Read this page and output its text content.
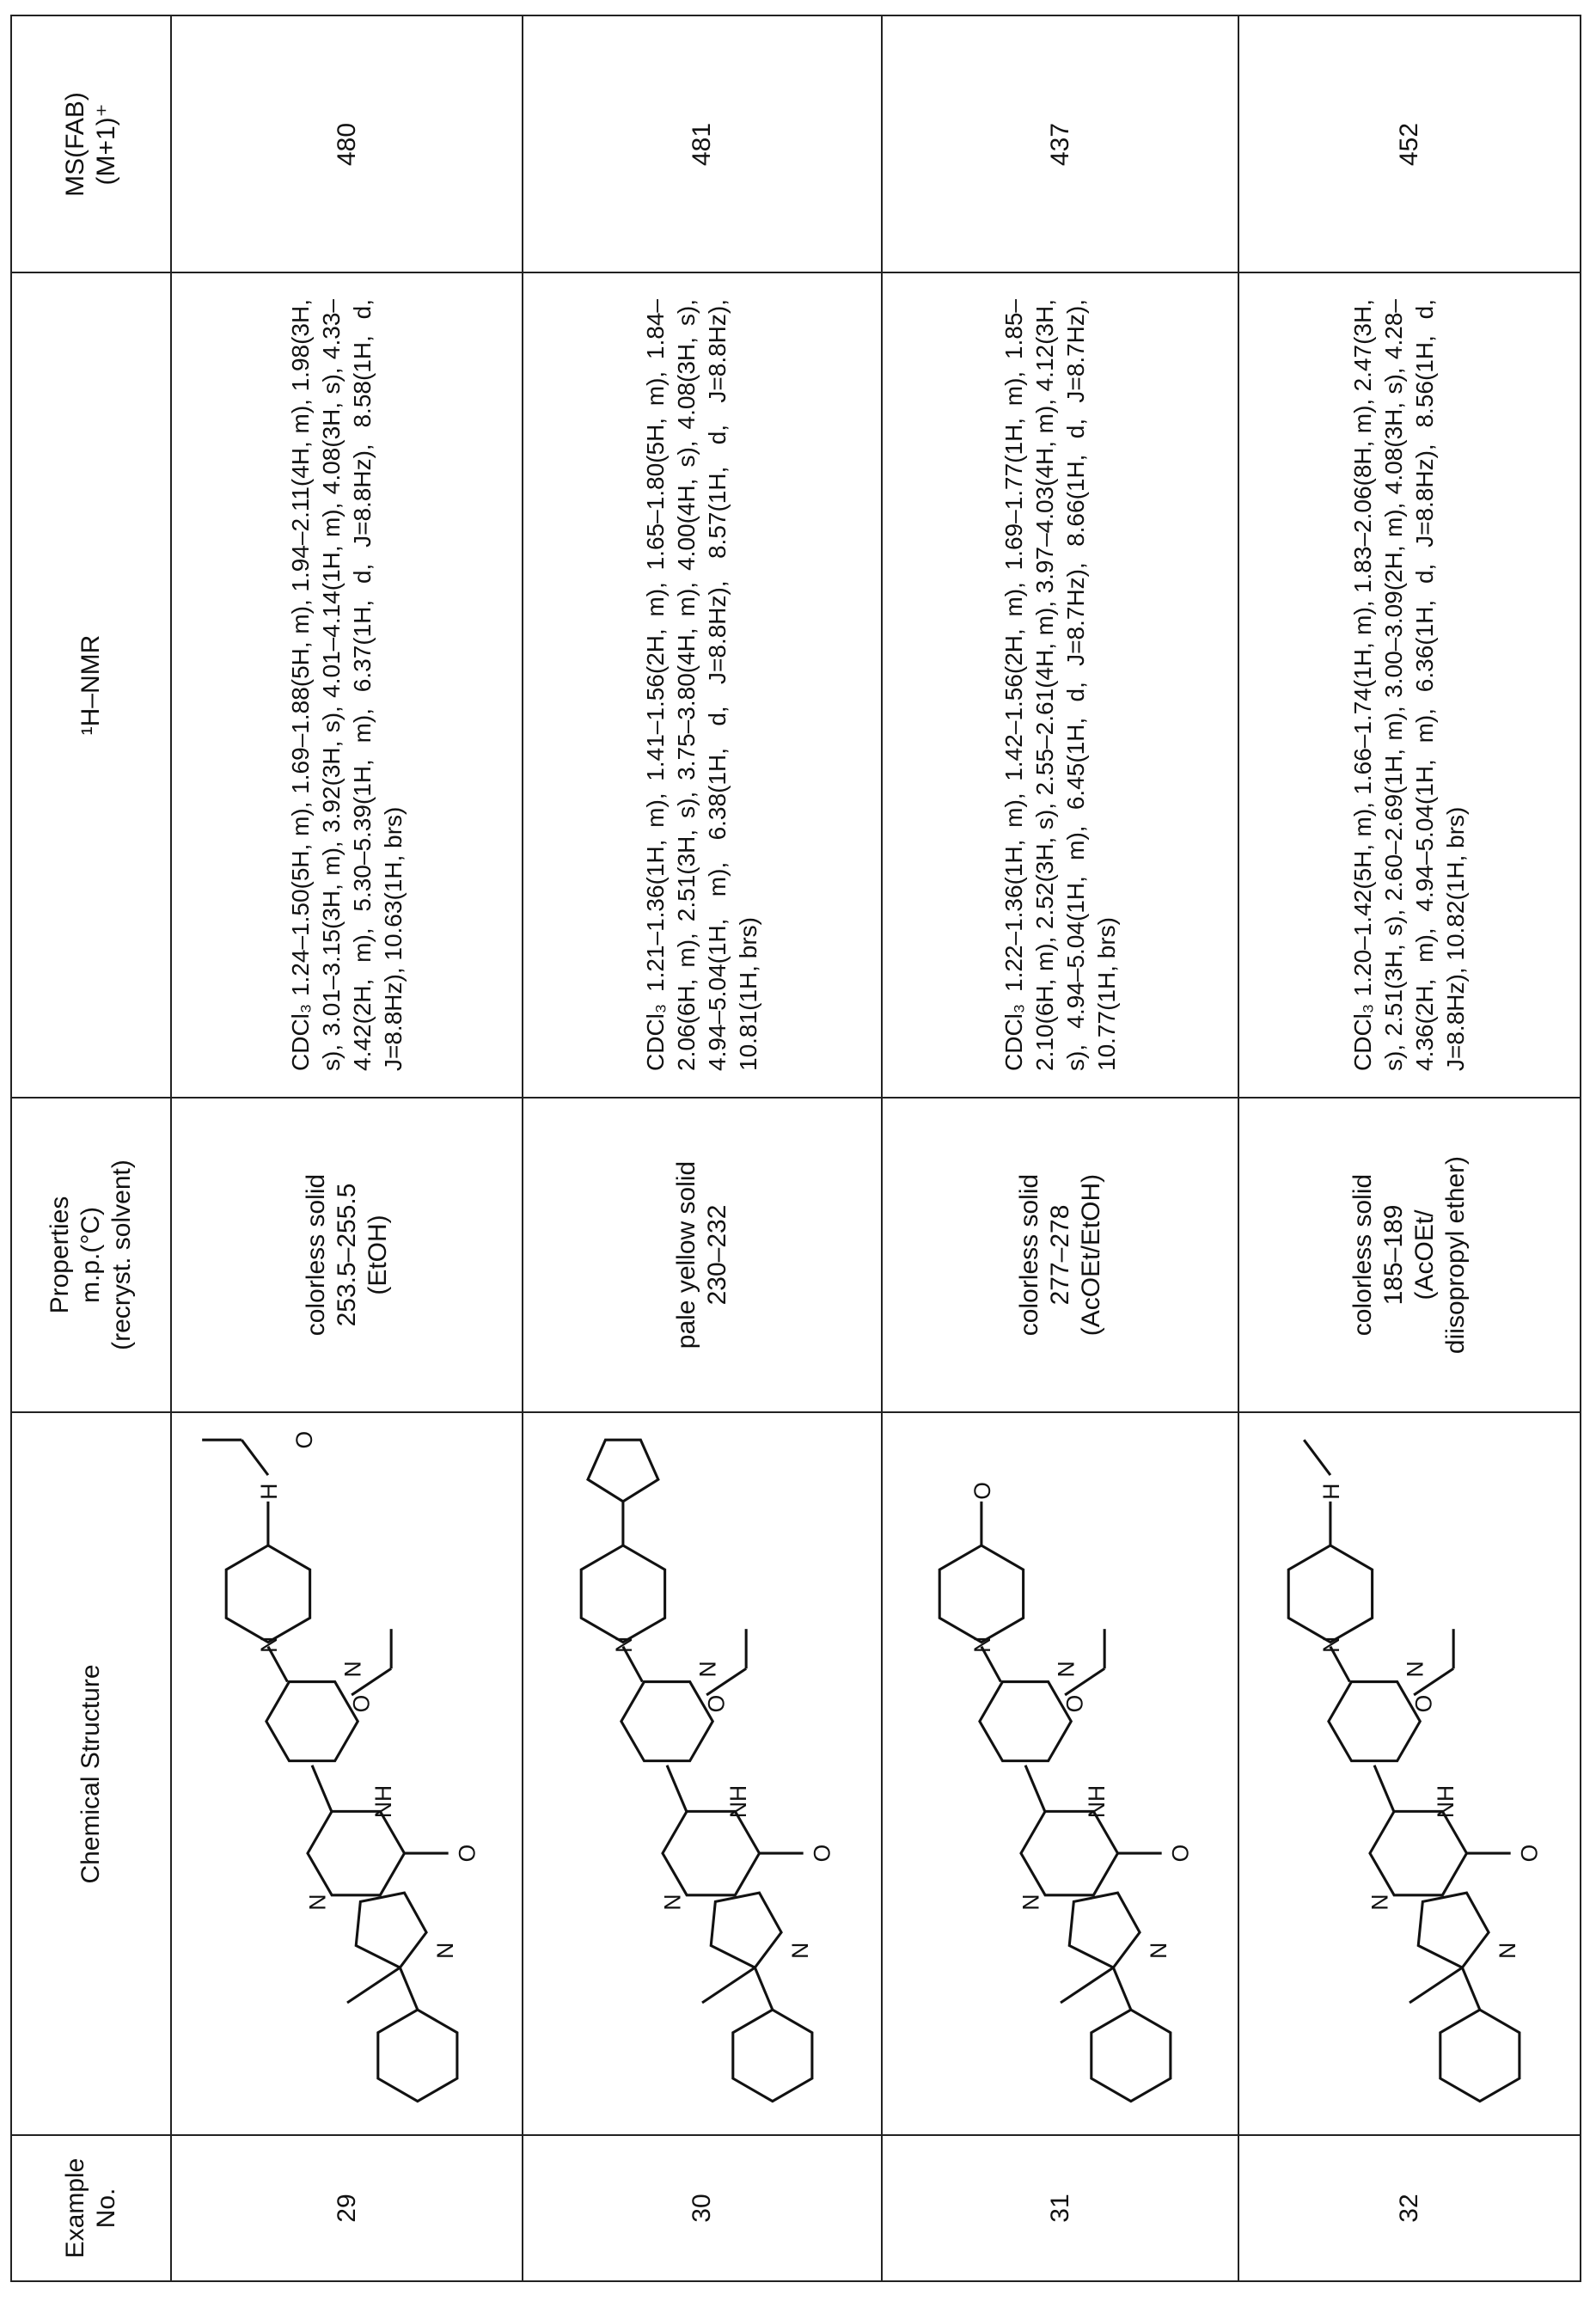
MS(FAB) (M+1)⁺
¹H–NMR
Properties m.p.(°C) (recryst. solvent)
Chemical Structure
Example No.
480
CDCl₃ 1.24–1.50(5H, m), 1.69–1.88(5H, m), 1.94–2.11(4H, m), 1.98(3H, s), 3.01–3.15(3H, m), 3.92(3H, s), 4.01–4.14(1H, m), 4.08(3H, s), 4.33–4.42(2H, m), 5.30–5.39(1H, m), 6.37(1H, d, J=8.8Hz), 8.58(1H, d, J=8.8Hz), 10.63(1H, brs)
colorless solid 253.5–255.5 (EtOH)
O
NH
N
N
O
N
N
H
O
29
481
CDCl₃ 1.21–1.36(1H, m), 1.41–1.56(2H, m), 1.65–1.80(5H, m), 1.84–2.06(6H, m), 2.51(3H, s), 3.75–3.80(4H, m), 4.00(4H, s), 4.08(3H, s), 4.94–5.04(1H, m), 6.38(1H, d, J=8.8Hz), 8.57(1H, d, J=8.8Hz), 10.81(1H, brs)
pale yellow solid 230–232
O
NH
N
N
O
N
N
30
437
CDCl₃ 1.22–1.36(1H, m), 1.42–1.56(2H, m), 1.69–1.77(1H, m), 1.85–2.10(6H, m), 2.52(3H, s), 2.55–2.61(4H, m), 3.97–4.03(4H, m), 4.12(3H, s), 4.94–5.04(1H, m), 6.45(1H, d, J=8.7Hz), 8.66(1H, d, J=8.7Hz), 10.77(1H, brs)
colorless solid 277–278 (AcOEt/EtOH)
O
NH
N
N
O
N
N
O
31
452
CDCl₃ 1.20–1.42(5H, m), 1.66–1.74(1H, m), 1.83–2.06(8H, m), 2.47(3H, s), 2.51(3H, s), 2.60–2.69(1H, m), 3.00–3.09(2H, m), 4.08(3H, s), 4.28–4.36(2H, m), 4.94–5.04(1H, m), 6.36(1H, d, J=8.8Hz), 8.56(1H, d, J=8.8Hz), 10.82(1H, brs)
colorless solid 185–189 (AcOEt/ diisopropyl ether)
O
NH
N
N
O
N
N
H
32
